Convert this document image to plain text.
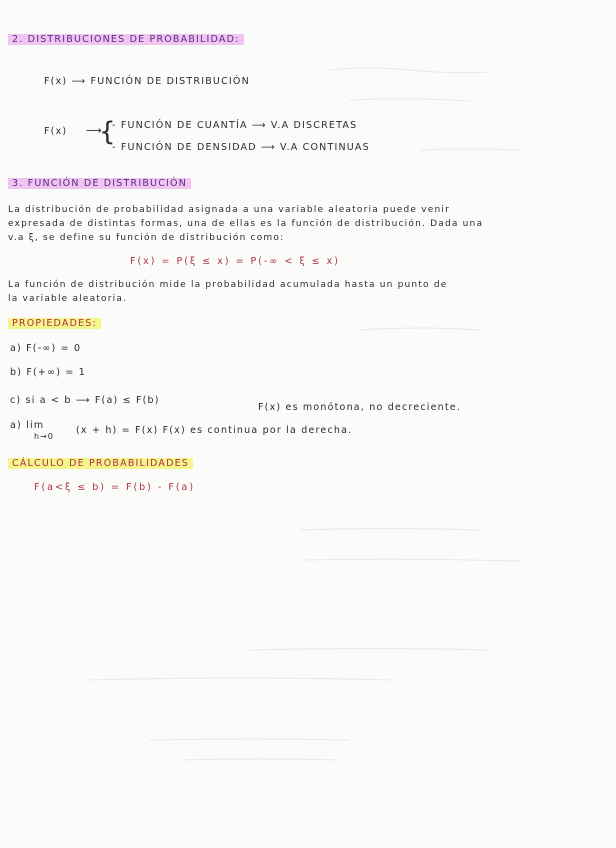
2. DISTRIBUCIONES DE PROBABILIDAD:
F(x) ⟶ FUNCIÓN DE DISTRIBUCIÓN
F(x) ⟶
{
- FUNCIÓN DE CUANTÍA ⟶ V.A DISCRETAS
- FUNCIÓN DE DENSIDAD ⟶ V.A CONTINUAS
3. FUNCIÓN DE DISTRIBUCIÓN
La distribución de probabilidad asignada a una variable aleatoria puede venir
expresada de distintas formas, una de ellas es la función de distribución. Dada una
v.a ξ, se define su función de distribución como:
F(x) = P(ξ ≤ x) = P(-∞ < ξ ≤ x)
La función de distribución mide la probabilidad acumulada hasta un punto de
la variable aleatoria.
PROPIEDADES:
a) F(-∞) = 0
b) F(+∞) = 1
c) si a < b ⟶ F(a) ≤ F(b)
F(x) es monótona, no decreciente.
a) lim
h→0
(x + h) = F(x) F(x) es continua por la derecha.
CÁLCULO DE PROBABILIDADES
F(a<ξ ≤ b) = F(b) - F(a)
